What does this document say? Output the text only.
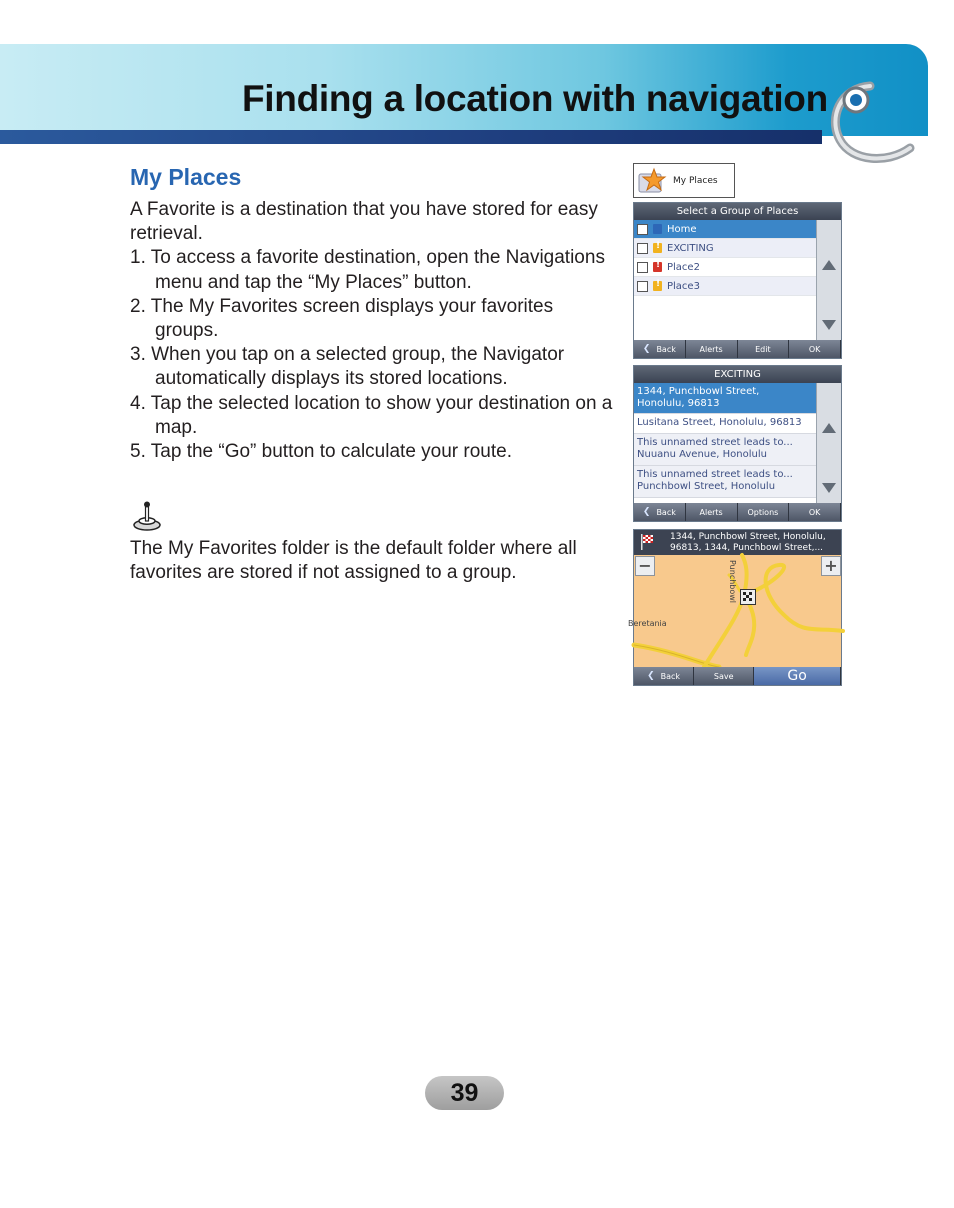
Finding a location with navigation
My Places

A Favorite is a destination that you have stored for easy retrieval.

1. To access a favorite destination, open the Navigations menu and tap the “My Places” button.
2. The My Favorites screen displays your favorites groups.
3. When you tap on a selected group, the Navigator automatically displays its stored locations.
4. Tap the selected location to show your destination on a map.
5. Tap the “Go” button to calculate your route.

The My Favorites folder is the default folder where all favorites are stored if not assigned to a group.

My Places
Select a Group of Places
Home
!
EXCITING
!
Place2
!
Place3
❮ Back	Alerts	Edit	OK
EXCITING
1344, Punchbowl Street,
Honolulu, 96813
Lusitana Street, Honolulu, 96813
This unnamed street leads to...
Nuuanu Avenue, Honolulu
This unnamed street leads to...
Punchbowl Street, Honolulu
❮ Back	Alerts	Options	OK
1344, Punchbowl Street, Honolulu,
96813, 1344, Punchbowl Street,...
−	+
Punchbowl
Beretania
❮ Back	Save	Go
39
